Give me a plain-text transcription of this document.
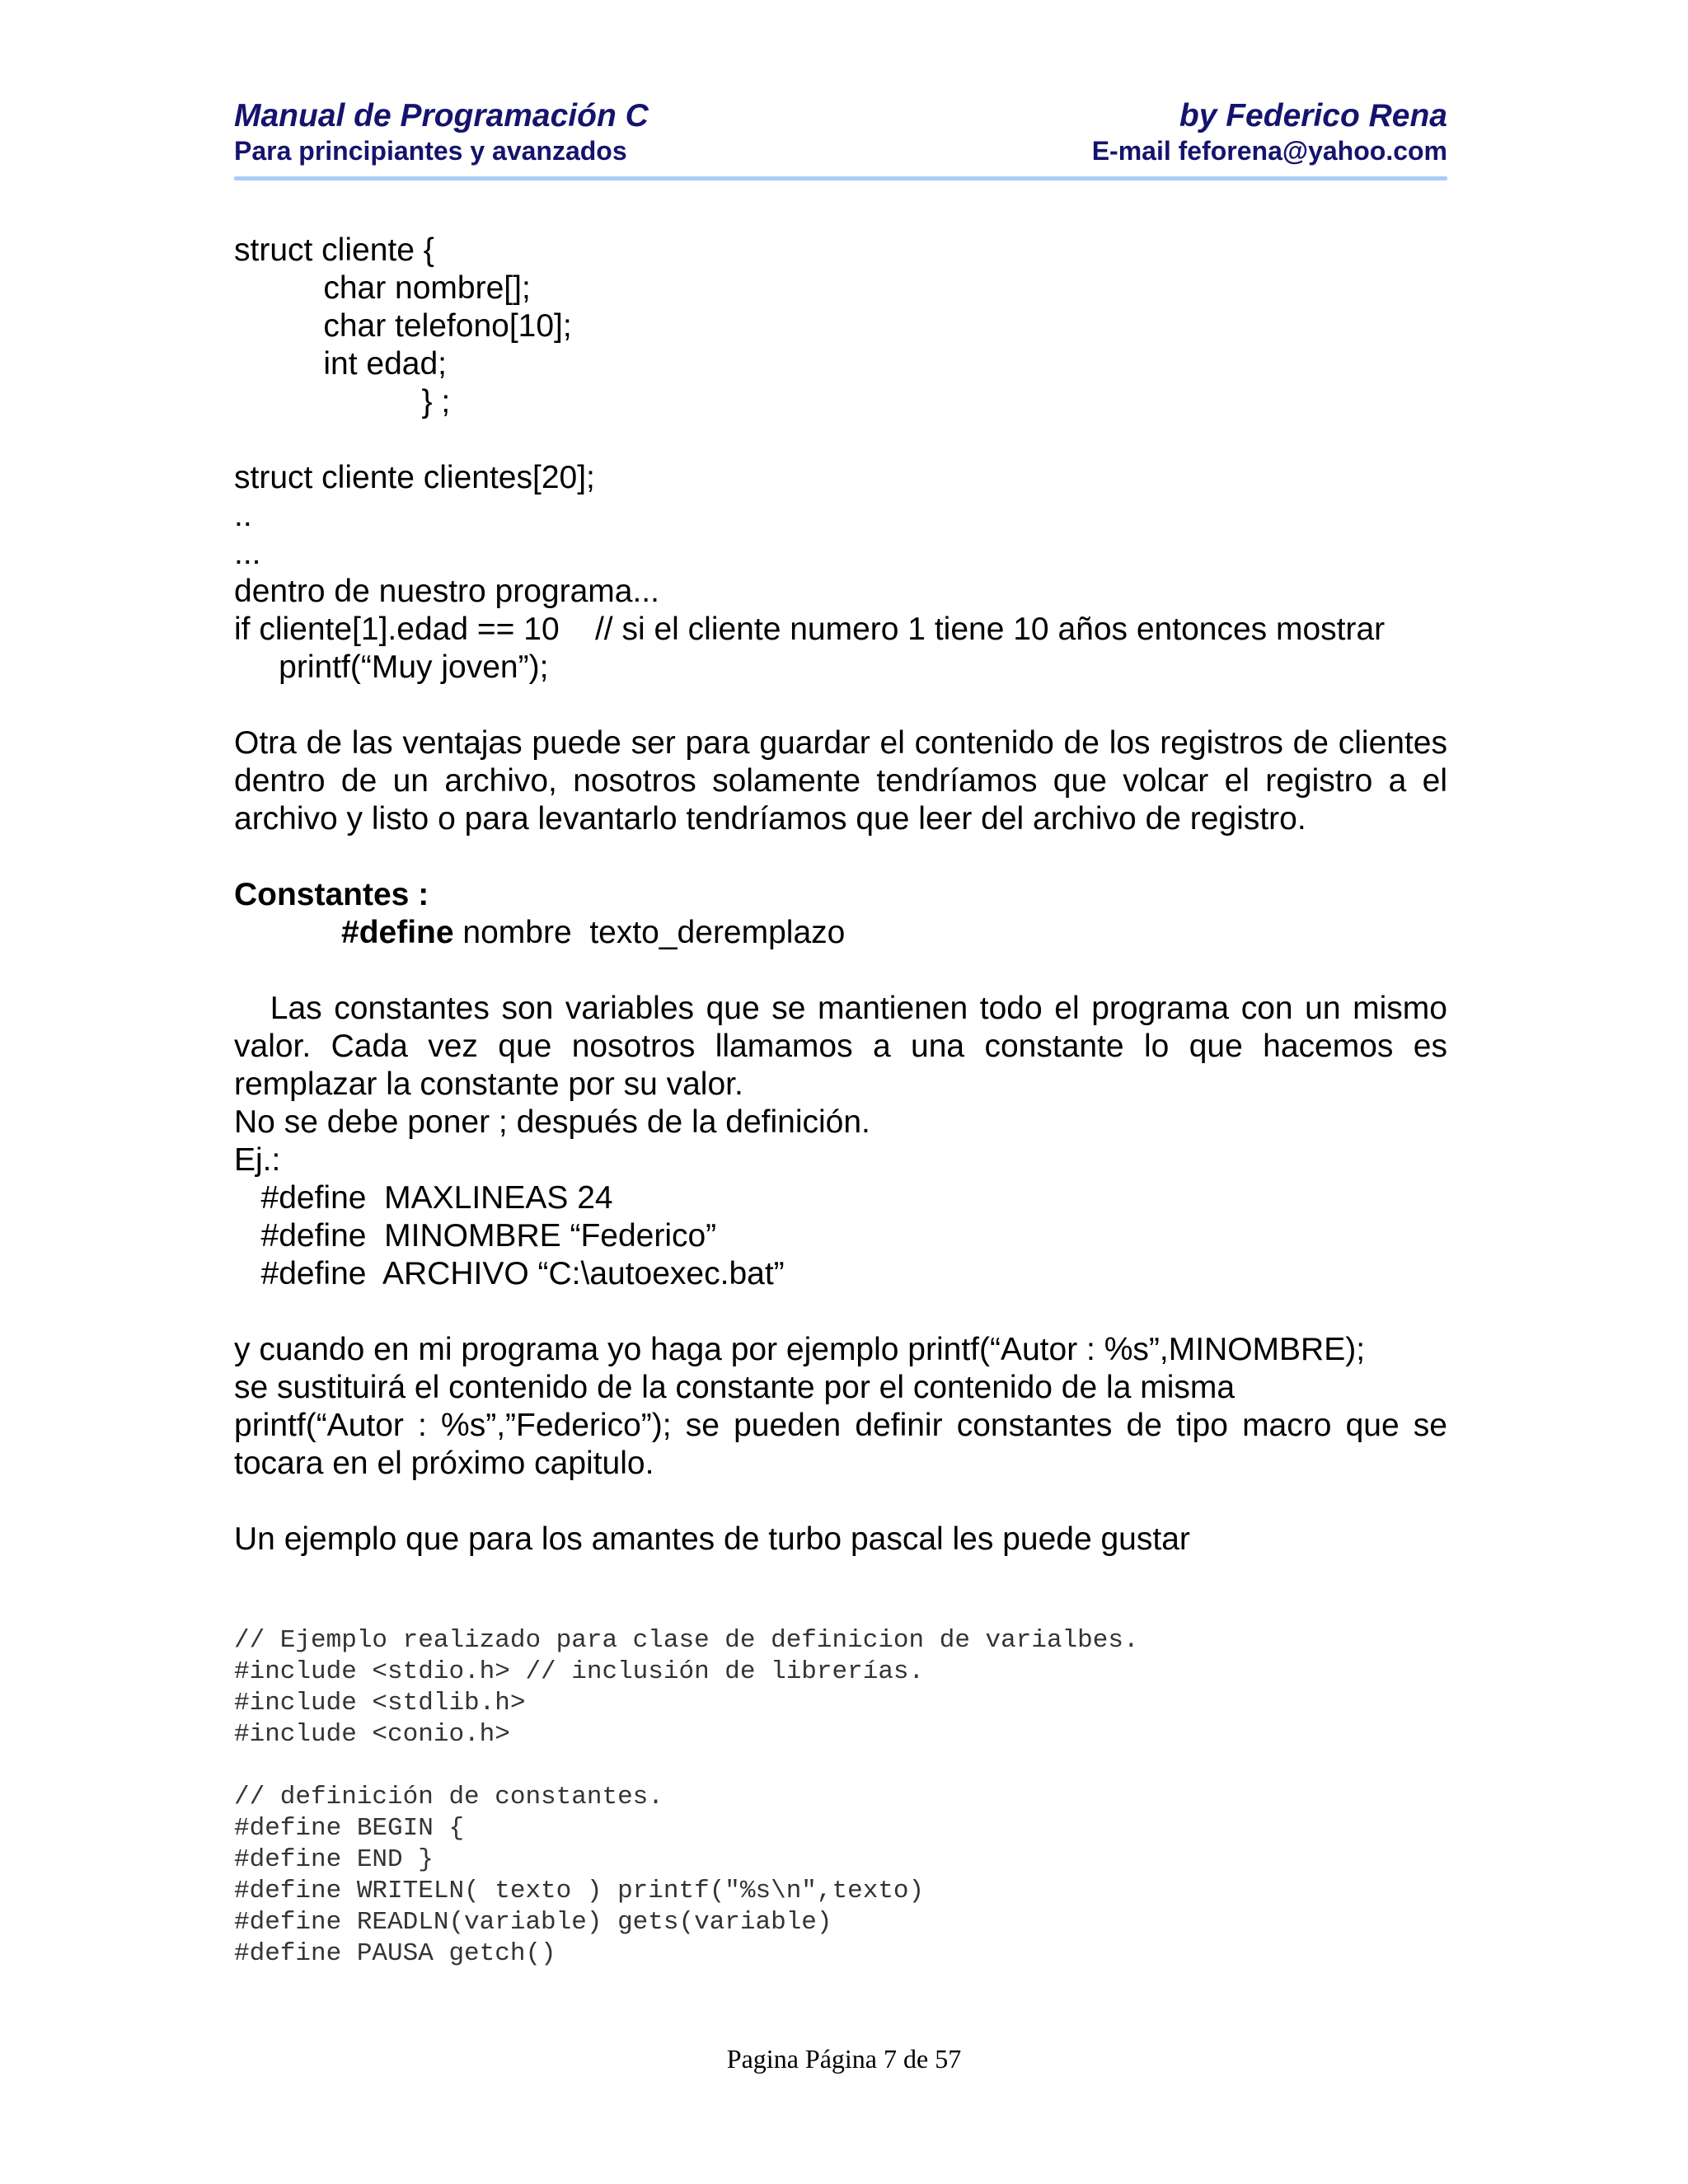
Manual de Programación C
Para principiantes y avanzados
by Federico Rena
E-mail feforena@yahoo.com
struct cliente {
char nombre[];
char telefono[10];
int edad;
} ;
struct cliente clientes[20];
..
...
dentro de nuestro programa...
if cliente[1].edad == 10    // si el cliente numero 1 tiene 10 años entonces mostrar
printf(“Muy joven”);
Otra de las ventajas puede ser para guardar el contenido de los registros de clientes dentro de un archivo, nosotros solamente tendríamos que volcar el registro a el archivo y listo o para levantarlo tendríamos que leer del archivo de registro.
Constantes :
#define nombre  texto_deremplazo
Las constantes son variables que se mantienen todo el programa con un mismo valor. Cada vez que nosotros llamamos a una constante lo que hacemos es remplazar la constante por su valor.
No se debe poner ; después de la definición.
Ej.:
#define  MAXLINEAS 24
#define  MINOMBRE “Federico”
#define  ARCHIVO “C:\autoexec.bat”
y cuando en mi programa yo haga por ejemplo printf(“Autor : %s”,MINOMBRE);
se sustituirá el contenido de la constante por el contenido de la misma
printf(“Autor : %s”,”Federico”); se pueden definir constantes de tipo macro que se tocara en el próximo capitulo.
Un ejemplo que para los amantes de turbo pascal les puede gustar
// Ejemplo realizado para clase de definicion de varialbes.
#include <stdio.h> // inclusión de librerías.
#include <stdlib.h>
#include <conio.h>
// definición de constantes.
#define BEGIN {
#define END }
#define WRITELN( texto ) printf("%s\n",texto)
#define READLN(variable) gets(variable)
#define PAUSA getch()
Pagina Página 7 de 57
